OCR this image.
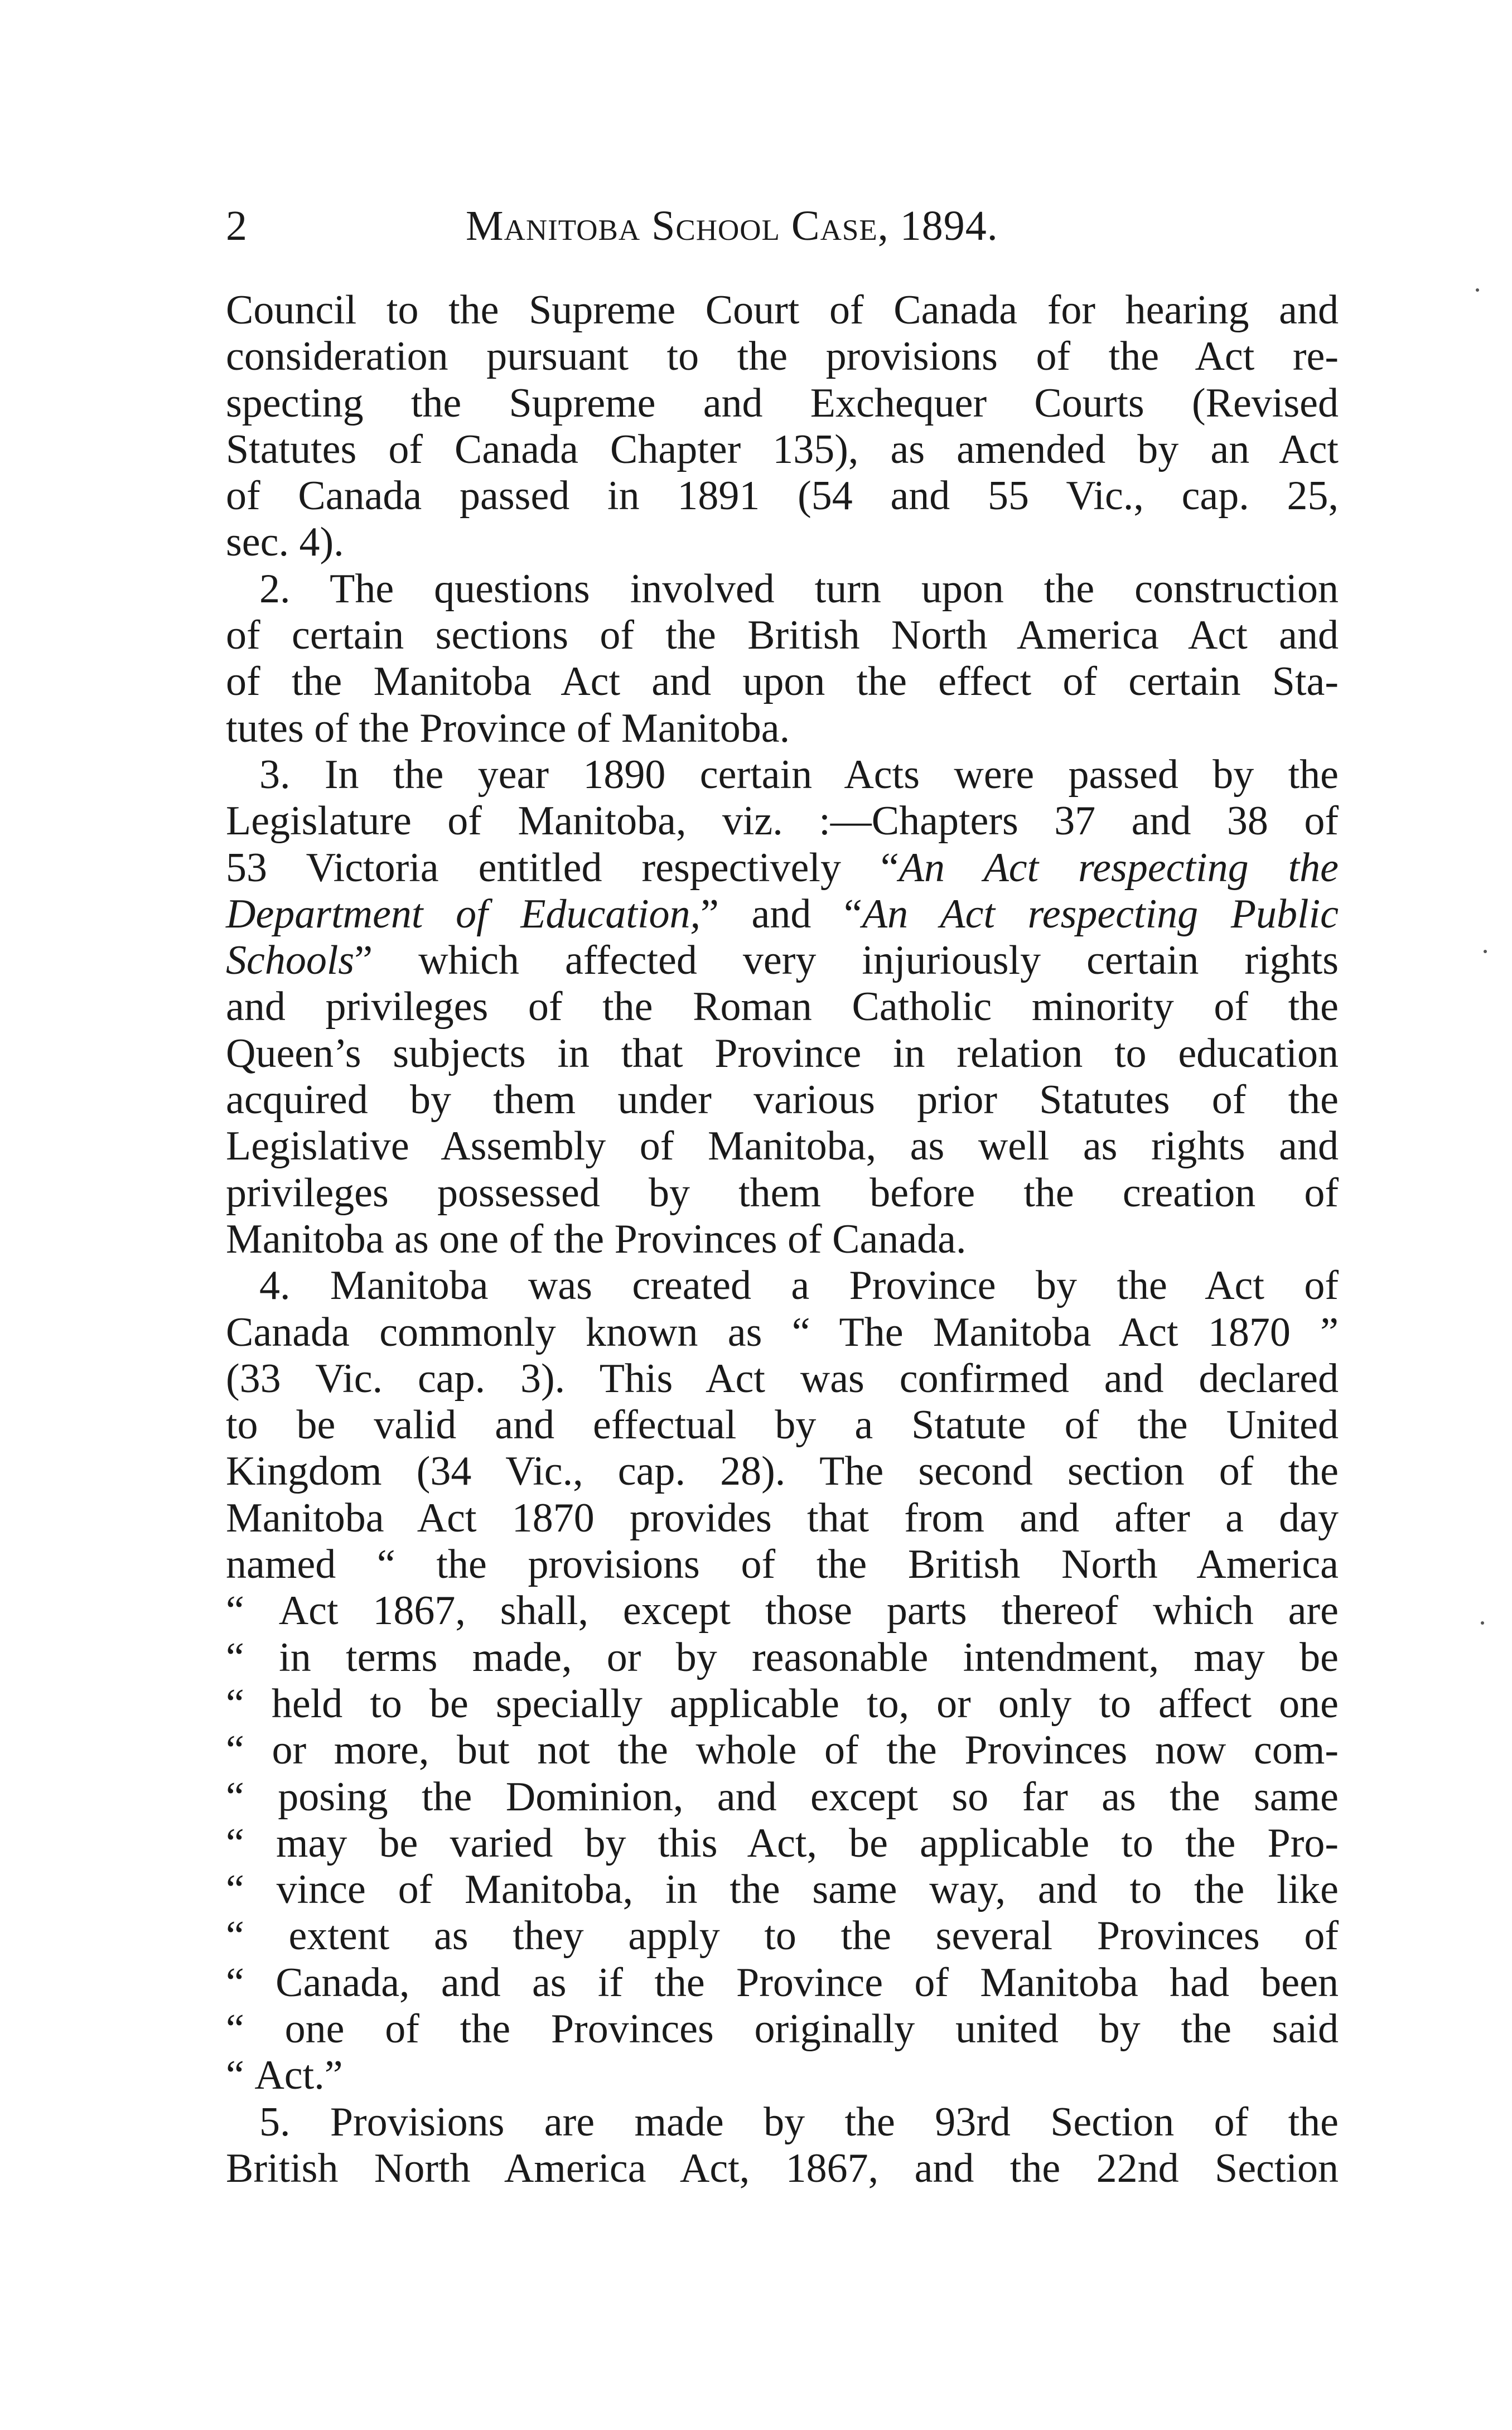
2	Manitoba School Case, 1894.
Council to the Supreme Court of Canada for hearing and
consideration pursuant to the provisions of the Act re-
specting the Supreme and Exchequer Courts (Revised
Statutes of Canada Chapter 135), as amended by an Act
of Canada passed in 1891 (54 and 55 Vic., cap. 25,
sec. 4).
2. The questions involved turn upon the construction
of certain sections of the British North America Act and
of the Manitoba Act and upon the effect of certain Sta-
tutes of the Province of Manitoba.
3. In the year 1890 certain Acts were passed by the
Legislature of Manitoba, viz. :—Chapters 37 and 38 of
53 Victoria entitled respectively “An Act respecting the
Department of Education,” and “An Act respecting Public
Schools” which affected very injuriously certain rights
and privileges of the Roman Catholic minority of the
Queen’s subjects in that Province in relation to education
acquired by them under various prior Statutes of the
Legislative Assembly of Manitoba, as well as rights and
privileges possessed by them before the creation of
Manitoba as one of the Provinces of Canada.
4. Manitoba was created a Province by the Act of
Canada commonly known as “ The Manitoba Act 1870 ”
(33 Vic. cap. 3). This Act was confirmed and declared
to be valid and effectual by a Statute of the United
Kingdom (34 Vic., cap. 28). The second section of the
Manitoba Act 1870 provides that from and after a day
named “ the provisions of the British North America
“ Act 1867, shall, except those parts thereof which are
“ in terms made, or by reasonable intendment, may be
“ held to be specially applicable to, or only to affect one
“ or more, but not the whole of the Provinces now com-
“ posing the Dominion, and except so far as the same
“ may be varied by this Act, be applicable to the Pro-
“ vince of Manitoba, in the same way, and to the like
“ extent as they apply to the several Provinces of
“ Canada, and as if the Province of Manitoba had been
“ one of the Provinces originally united by the said
“ Act.”
5. Provisions are made by the 93rd Section of the
British North America Act, 1867, and the 22nd Section
